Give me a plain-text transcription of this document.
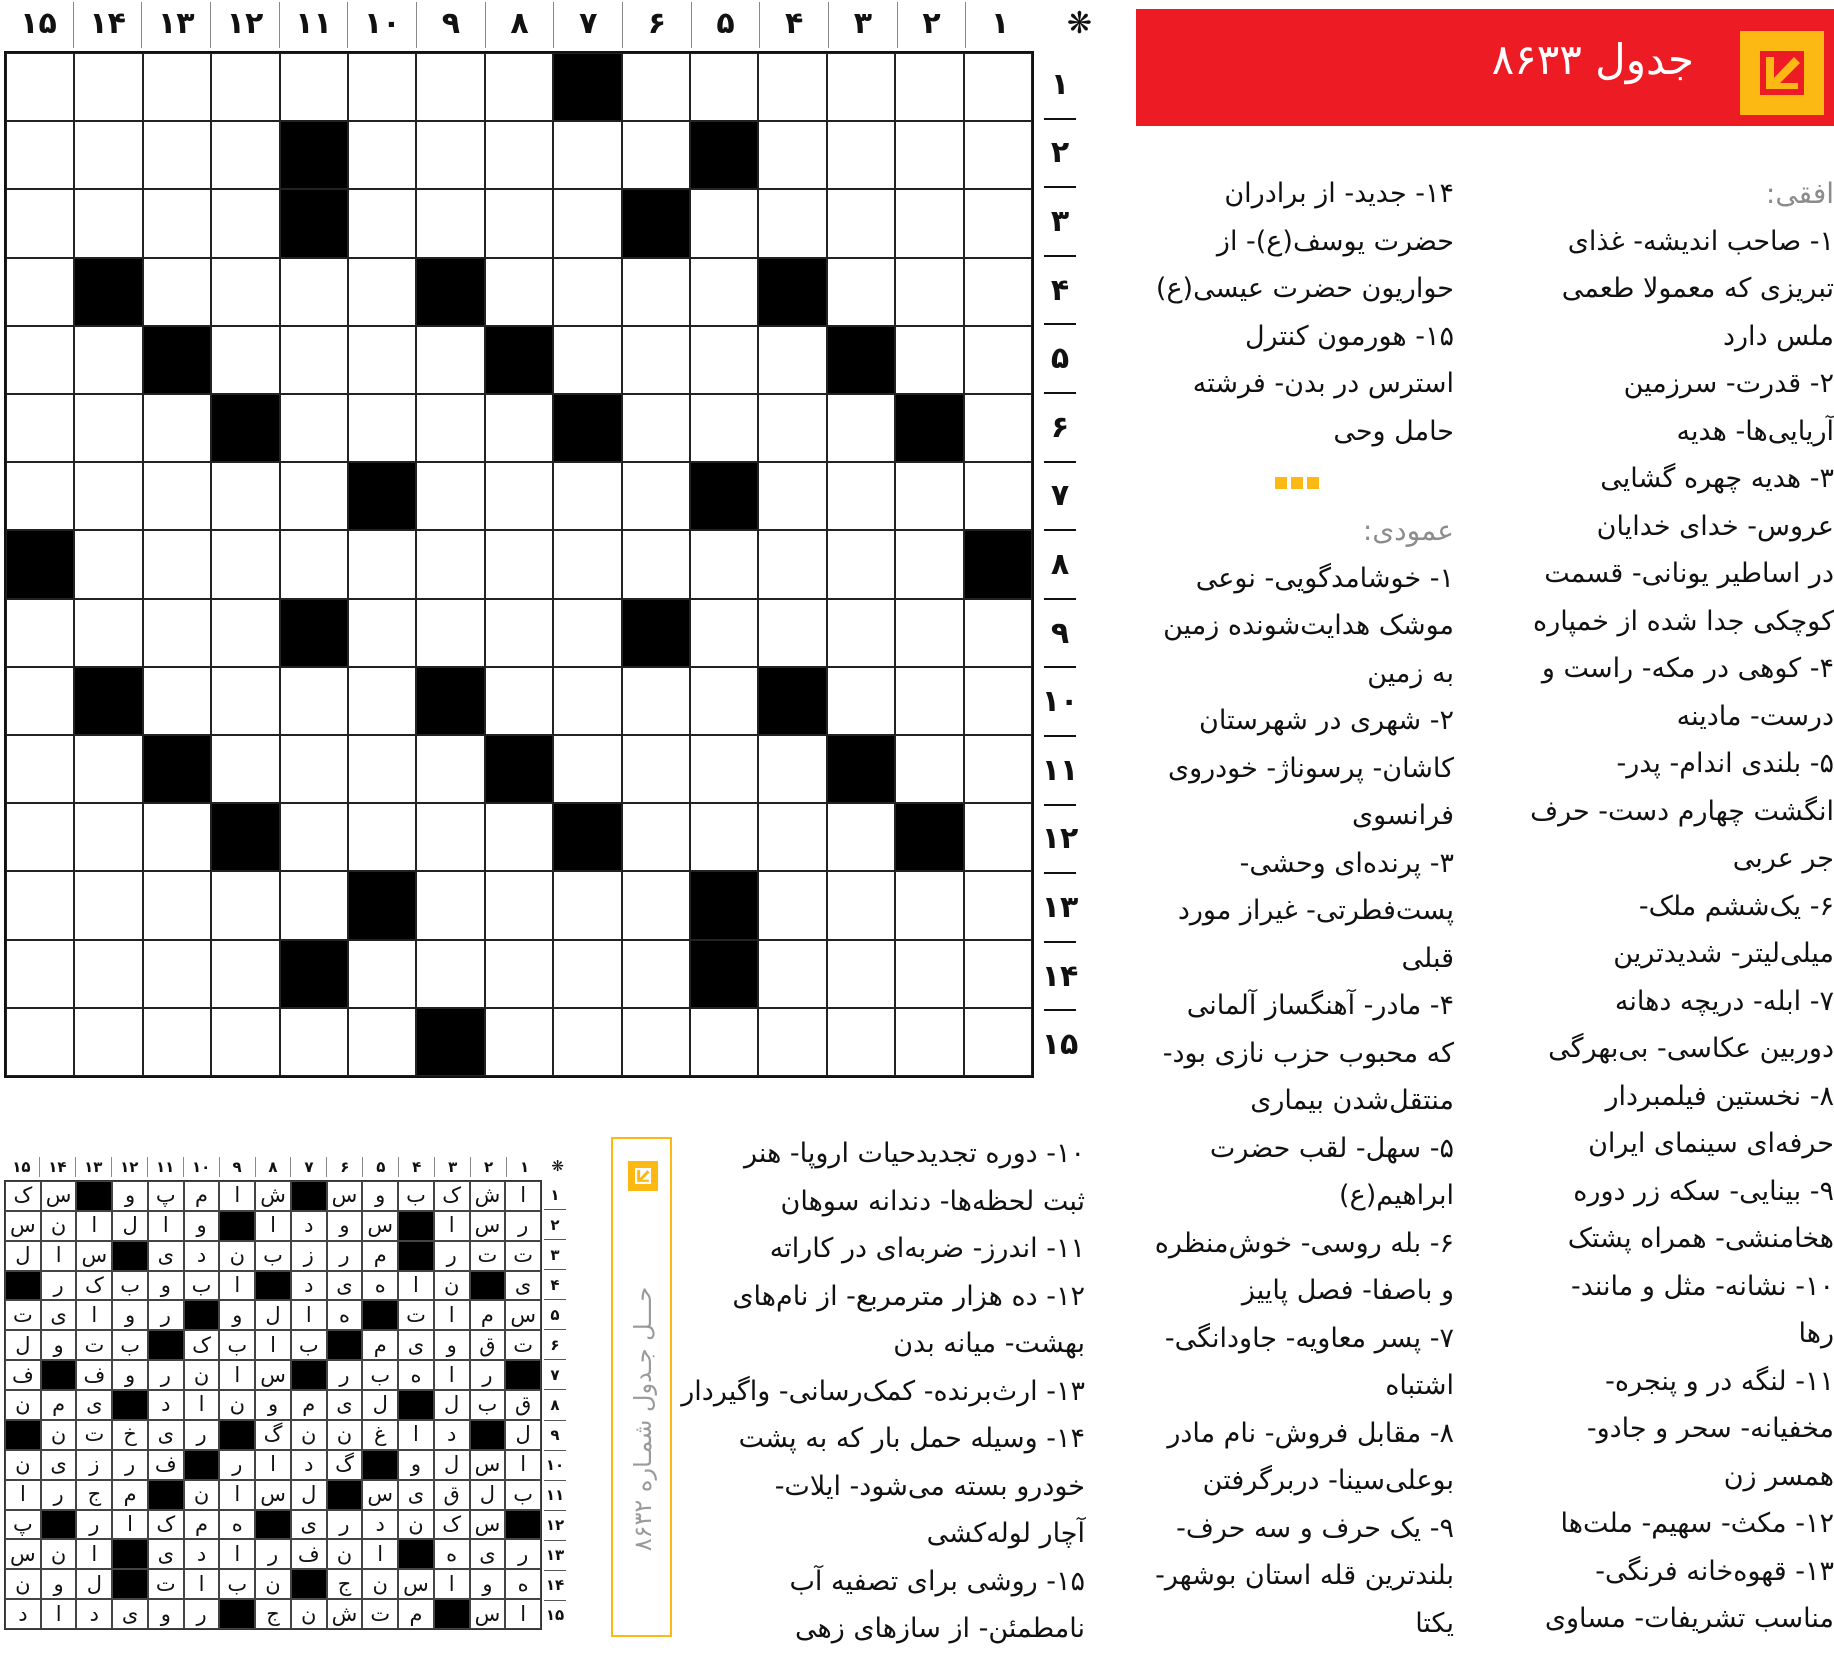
❋
۱
۲
۳
۴
۵
۶
۷
۸
۹
۱۰
۱۱
۱۲
۱۳
۱۴
۱۵
۱
۲
۳
۴
۵
۶
۷
۸
۹
۱۰
۱۱
۱۲
۱۳
۱۴
۱۵
جدول ۸۶۳۳
افقی:
۱- صاحب اندیشه- غذای
تبریزی که معمولا طعمی
ملس دارد
۲- قدرت- سرزمین
آریایی‌ها- هدیه
۳- هدیه چهره گشایی
عروس- خدای خدایان
در اساطیر یونانی- قسمت
کوچکی جدا شده از خمپاره
۴- کوهی در مکه- راست و
درست- مادینه
۵- بلندی اندام- پدر-
انگشت چهارم دست- حرف
جر عربی
۶- یک‌ششم ملک-
میلی‌لیتر- شدیدترین
۷- ابله- دریچه دهانه
دوربین عکاسی- بی‌بهرگی
۸- نخستین فیلمبردار
حرفه‌ای سینمای ایران
۹- بینایی- سکه زر دوره
هخامنشی- همراه پشتک
۱۰- نشانه- مثل و مانند-
رها
۱۱- لنگه در و پنجره-
مخفیانه- سحر و جادو-
همسر زن
۱۲- مکث- سهیم- ملت‌ها
۱۳- قهوه‌خانه فرنگی-
مناسب تشریفات- مساوی
۱۴- جدید- از برادران
حضرت یوسف(ع)- از
حواریون حضرت عیسی(ع)
۱۵- هورمون کنترل
استرس در بدن- فرشته
حامل وحی
عمودی:
۱- خوشامدگویی- نوعی
موشک هدایت‌شونده زمین
به زمین
۲- شهری در شهرستان
کاشان- پرسوناژ- خودروی
فرانسوی
۳- پرنده‌ای وحشی-
پست‌فطرتی- غیراز مورد
قبلی
۴- مادر- آهنگساز آلمانی
که محبوب حزب نازی بود-
منتقل‌شدن بیماری
۵- سهل- لقب حضرت
ابراهیم(ع)
۶- بله روسی- خوش‌منظره
و باصفا- فصل پاییز
۷- پسر معاویه- جاودانگی-
اشتباه
۸- مقابل فروش- نام مادر
بوعلی‌سینا- دربرگرفتن
۹- یک حرف و سه حرف-
بلندترین قله استان بوشهر-
یکتا
۱۰- دوره تجدیدحیات اروپا- هنر
ثبت لحظه‌ها- دندانه سوهان
۱۱- اندرز- ضربه‌ای در کاراته
۱۲- ده هزار مترمربع- از نام‌های
بهشت- میانه بدن
۱۳- ارث‌برنده- کمک‌رسانی- واگیردار
۱۴- وسیله حمل بار که به پشت
خودرو بسته می‌شود- ایلات-
آچار لوله‌کشی
۱۵- روشی برای تصفیه آب
نامطمئن- از سازهای زهی
حـــل جـدول شمـاره ۸۶۳۲
❋
۱
۲
۳
۴
۵
۶
۷
۸
۹
۱۰
۱۱
۱۲
۱۳
۱۴
۱۵
ا
ش
ک
ب
و
س
ش
ا
م
پ
و
س
ک
ر
س
ا
س
و
د
ا
و
ا
ل
ا
ن
س
ت
ت
ر
م
ر
ز
ب
ن
د
ی
س
ا
ل
ی
ن
ا
ه
ی
د
ا
ب
و
ب
ک
ر
س
م
ا
ت
ه
ا
ل
و
ر
و
ا
ی
ت
ت
ق
و
ی
م
ب
ا
ب
ک
ب
ت
و
ل
ر
ا
ه
ب
ر
س
ا
ن
ر
و
ف
ف
ق
ب
ل
ل
ی
م
و
ن
ا
د
ی
م
ن
ل
د
ا
غ
ن
ن
گ
ر
ی
خ
ت
ن
ا
س
ل
و
گ
د
ا
ر
ف
ر
ز
ی
ن
ب
ل
ق
ی
س
ل
س
ا
ن
م
ج
ر
ا
س
ک
ن
د
ر
ی
ه
م
ک
ا
ر
پ
ر
ی
ه
ا
ن
ف
ر
ا
د
ی
ا
ن
س
ه
و
ا
س
ن
ج
ن
ب
ا
ت
ل
و
ن
ا
س
م
ت
ش
ن
ج
ر
و
ی
د
ا
د
۱
۲
۳
۴
۵
۶
۷
۸
۹
۱۰
۱۱
۱۲
۱۳
۱۴
۱۵
